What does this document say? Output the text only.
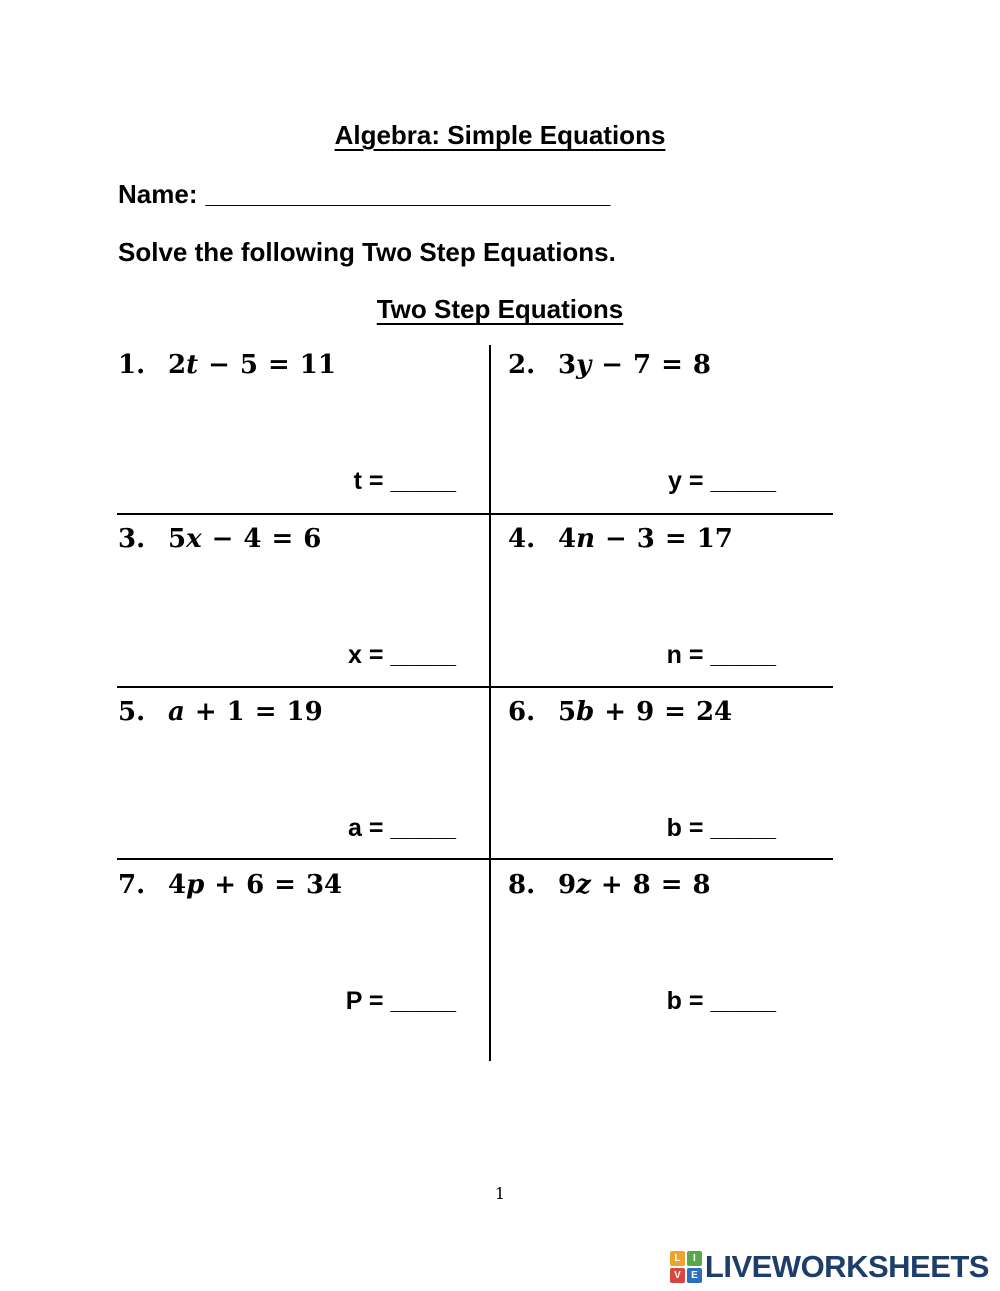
Algebra: Simple Equations
Name: ____________________________
Solve the following Two Step Equations.
Two Step Equations
1. 2t − 5 = 11
t = _____
2. 3y − 7 = 8
y = _____
3. 5x − 4 = 6
x = _____
4. 4n − 3 = 17
n = _____
5. a + 1 = 19
a = _____
6. 5b + 9 = 24
b = _____
7. 4p + 6 = 34
P = _____
8. 9z + 8 = 8
b = _____
1
L	I
V	E LIVEWORKSHEETS
